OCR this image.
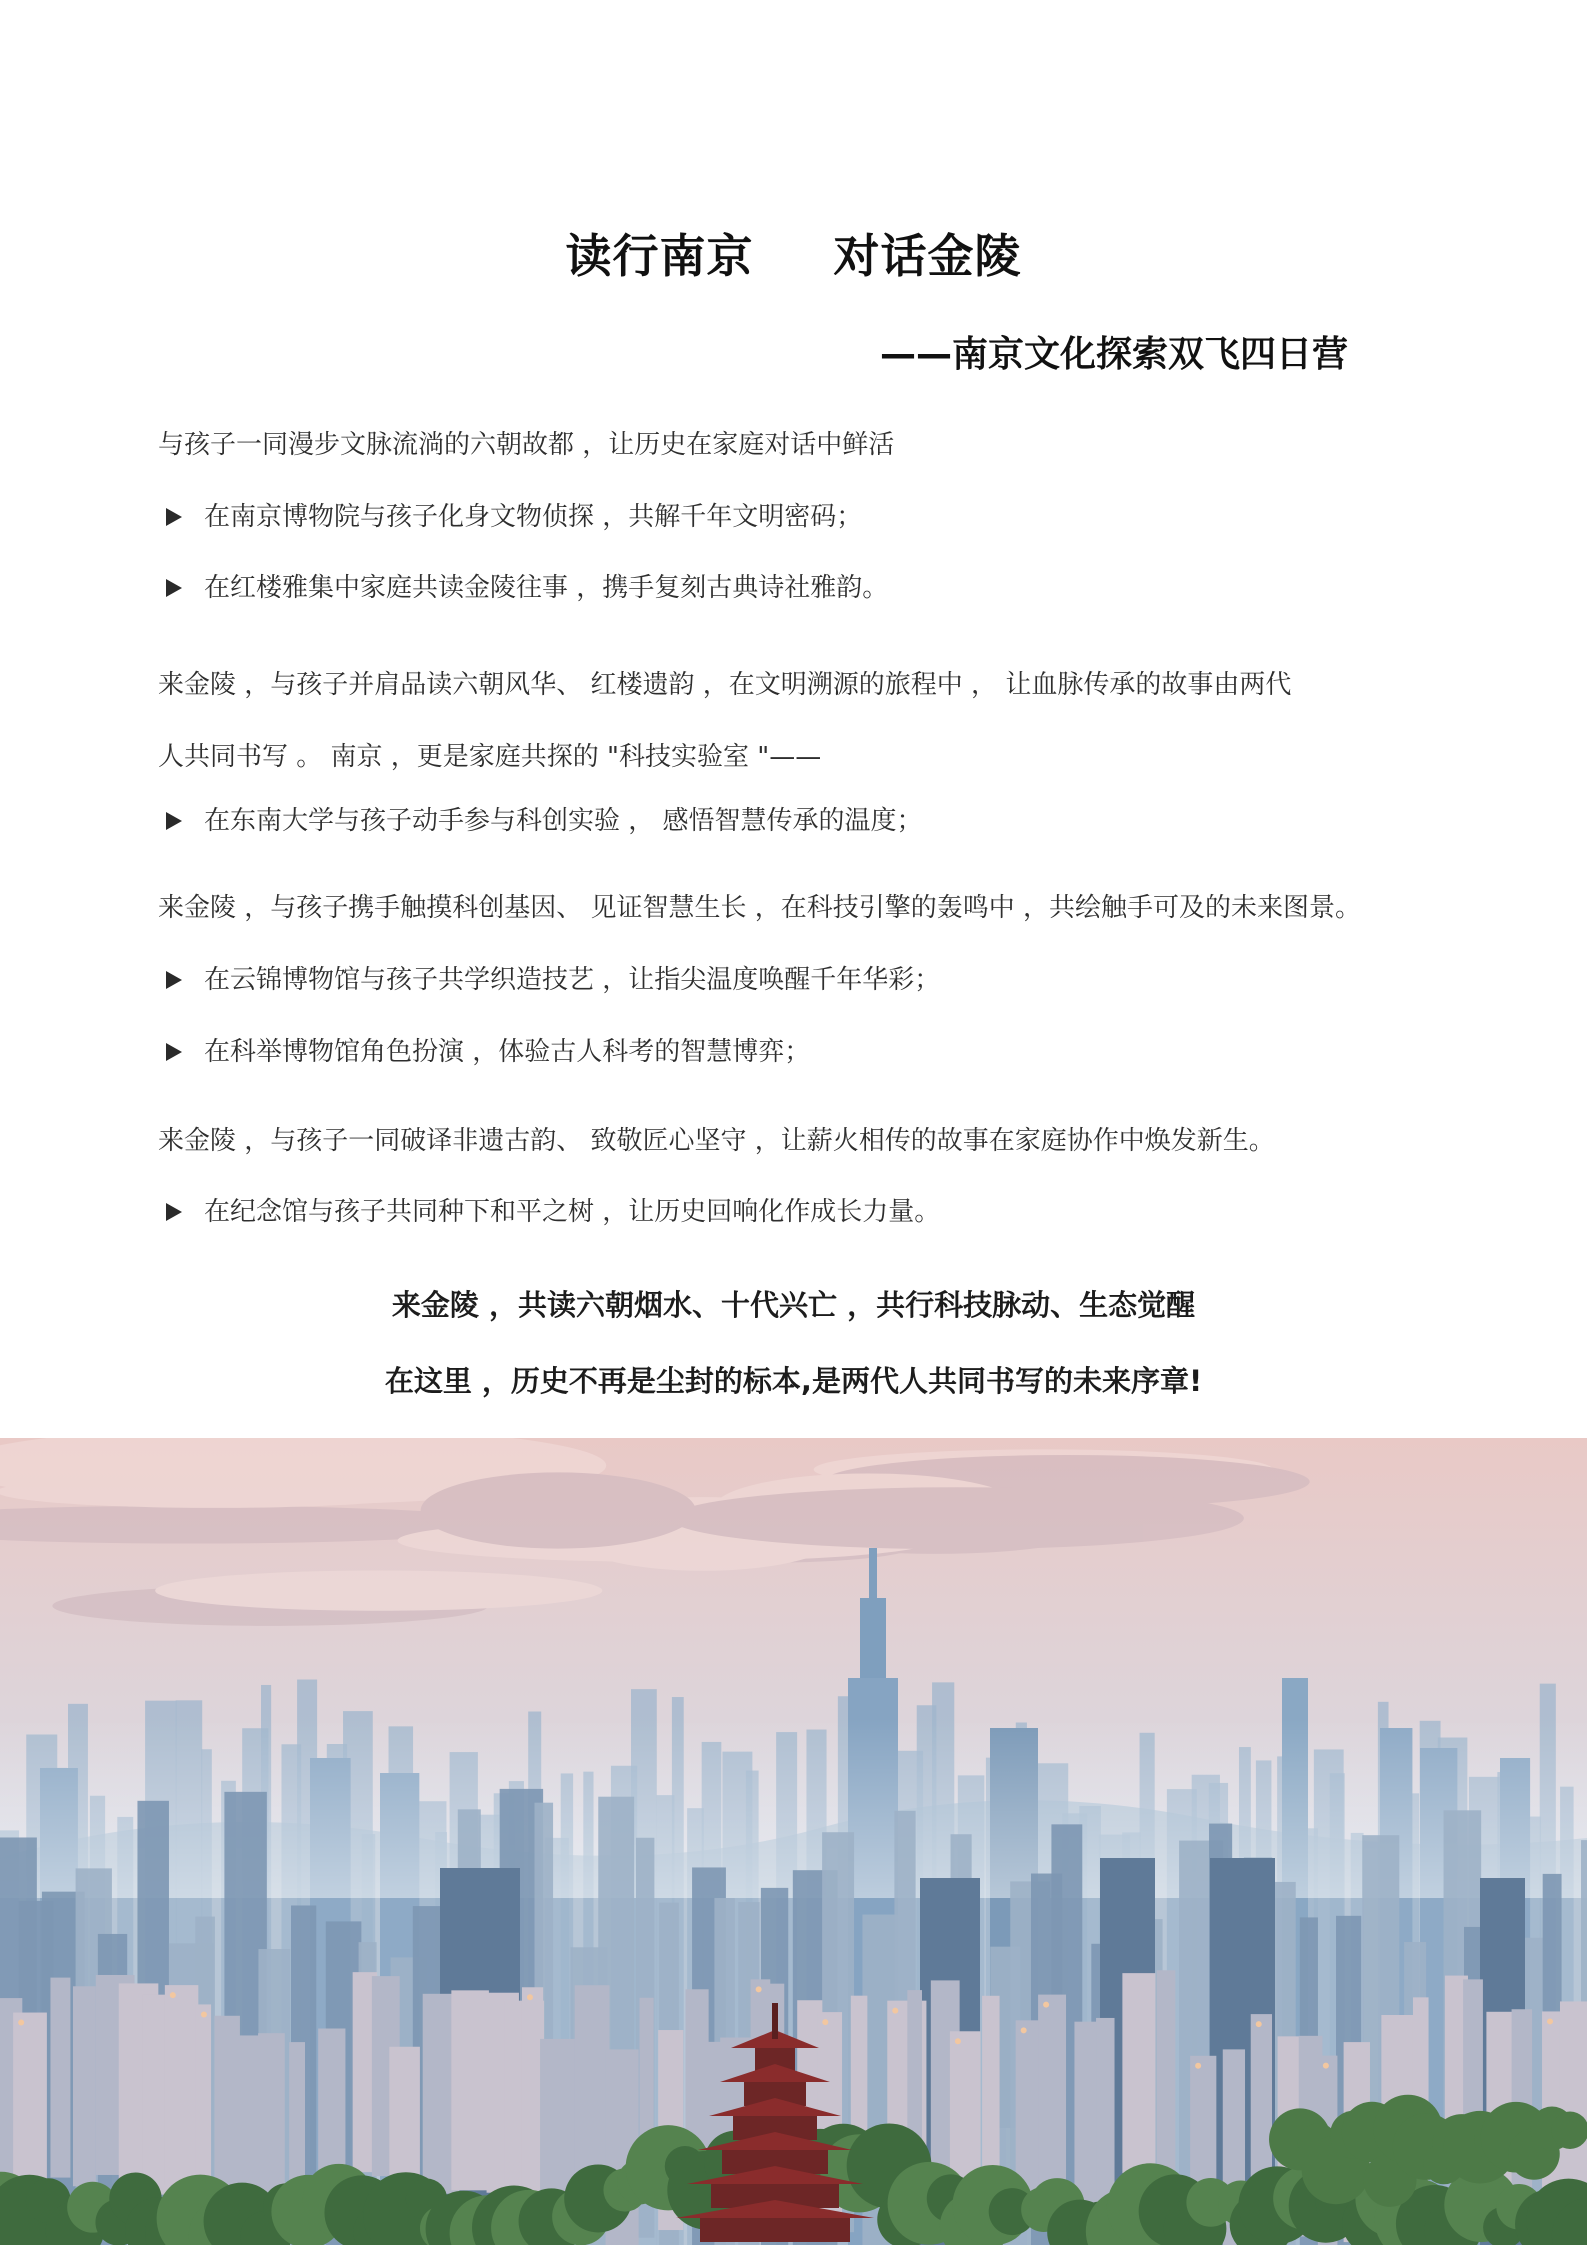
读行南京  对话金陵
——南京文化探索双飞四日营
与孩子一同漫步文脉流淌的六朝故都 ，让历史在家庭对话中鲜活
在南京博物院与孩子化身文物侦探 ，共解千年文明密码；
在红楼雅集中家庭共读金陵往事 ，携手复刻古典诗社雅韵。
来金陵 ，与孩子并肩品读六朝风华、 红楼遗韵 ，在文明溯源的旅程中 ， 让血脉传承的故事由两代
人共同书写 。 南京 ，更是家庭共探的 "科技实验室 "——
在东南大学与孩子动手参与科创实验 ， 感悟智慧传承的温度；
来金陵 ，与孩子携手触摸科创基因、 见证智慧生长 ，在科技引擎的轰鸣中 ，共绘触手可及的未来图景。
在云锦博物馆与孩子共学织造技艺 ，让指尖温度唤醒千年华彩；
在科举博物馆角色扮演 ，体验古人科考的智慧博弈；
来金陵 ，与孩子一同破译非遗古韵、 致敬匠心坚守 ，让薪火相传的故事在家庭协作中焕发新生。
在纪念馆与孩子共同种下和平之树 ，让历史回响化作成长力量。
来金陵 ，共读六朝烟水、十代兴亡 ，共行科技脉动、生态觉醒
在这里 ，历史不再是尘封的标本,是两代人共同书写的未来序章!
